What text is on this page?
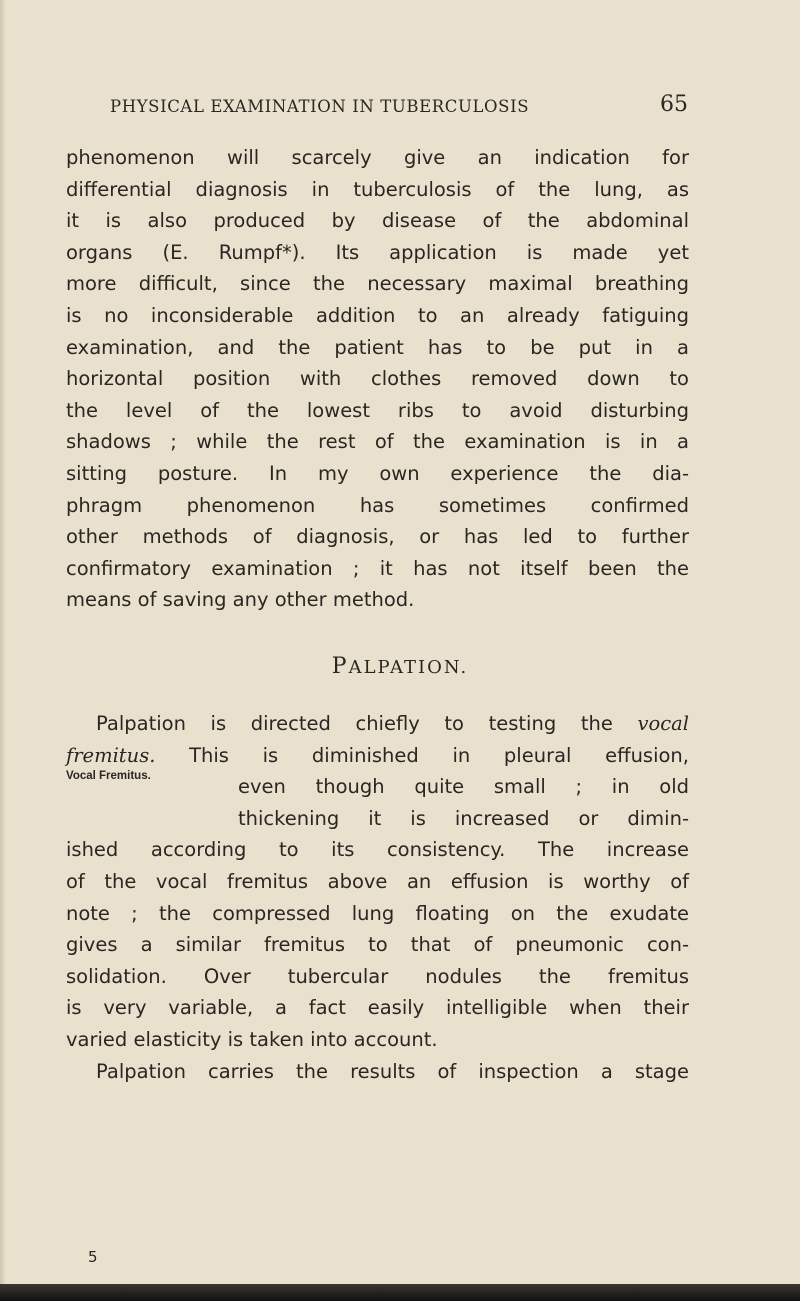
PHYSICAL EXAMINATION IN TUBERCULOSIS	65
phenomenon will scarcely give an indication for
differential diagnosis in tuberculosis of the lung, as
it is also produced by disease of the abdominal
organs (E. Rumpf*). Its application is made yet
more difficult, since the necessary maximal breathing
is no inconsiderable addition to an already fatiguing
examination, and the patient has to be put in a
horizontal position with clothes removed down to
the level of the lowest ribs to avoid disturbing
shadows ; while the rest of the examination is in a
sitting posture. In my own experience the dia-
phragm phenomenon has sometimes confirmed
other methods of diagnosis, or has led to further
confirmatory examination ; it has not itself been the
means of saving any other method.
PALPATION.
Vocal Fremitus.
Palpation is directed chiefly to testing the vocal
fremitus. This is diminished in pleural effusion,
even though quite small ; in old
thickening it is increased or dimin-
ished according to its consistency. The increase
of the vocal fremitus above an effusion is worthy of
note ; the compressed lung floating on the exudate
gives a similar fremitus to that of pneumonic con-
solidation. Over tubercular nodules the fremitus
is very variable, a fact easily intelligible when their
varied elasticity is taken into account.
Palpation carries the results of inspection a stage
5
